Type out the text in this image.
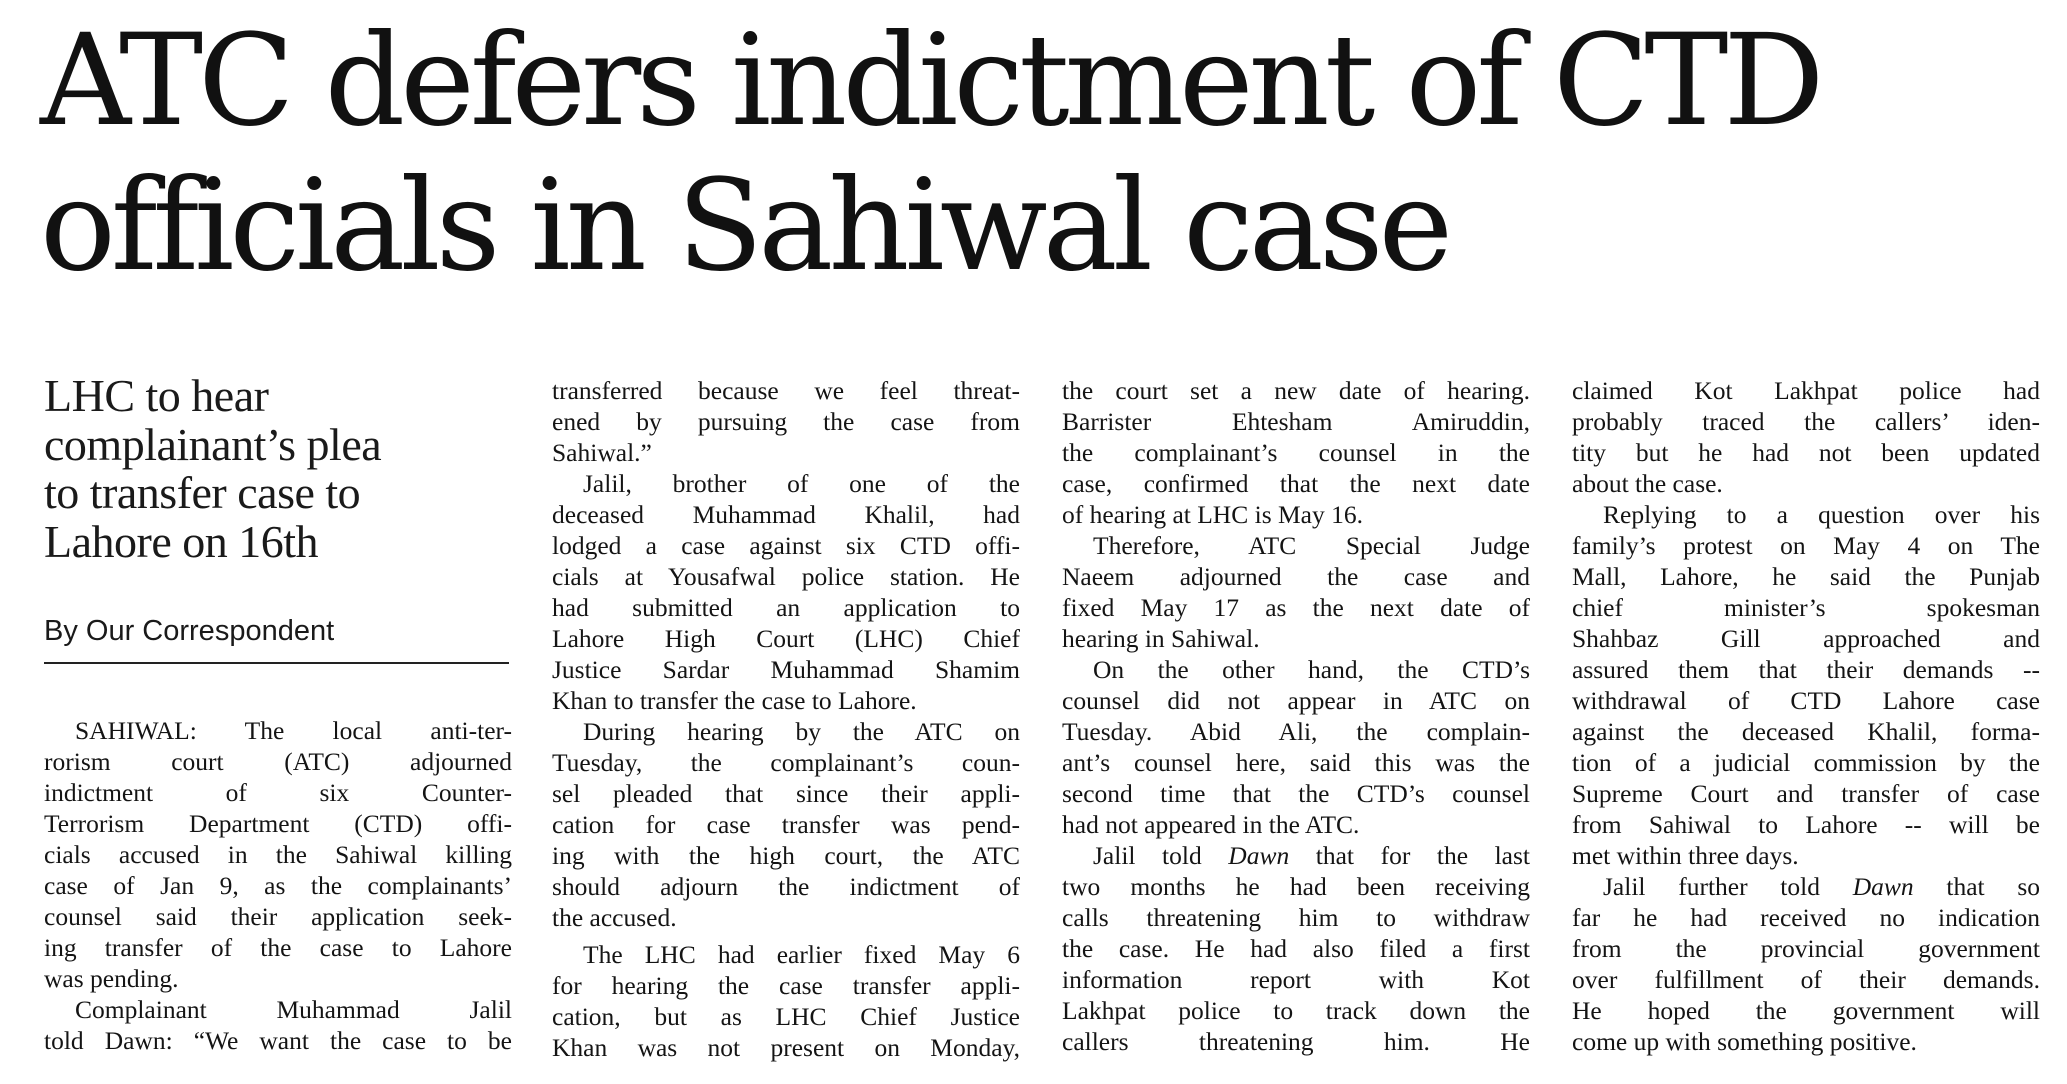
ATC defers indictment of CTD
officials in Sahiwal case
LHC to hear
complainant’s plea
to transfer case to
Lahore on 16th
By Our Correspondent
SAHIWAL: The local anti-ter-
rorism court (ATC) adjourned
indictment of six Counter-
Terrorism Department (CTD) offi-
cials accused in the Sahiwal killing
case of Jan 9, as the complainants’
counsel said their application seek-
ing transfer of the case to Lahore
was pending.
Complainant Muhammad Jalil
told Dawn: “We want the case to be
transferred because we feel threat-
ened by pursuing the case from
Sahiwal.”
Jalil, brother of one of the
deceased Muhammad Khalil, had
lodged a case against six CTD offi-
cials at Yousafwal police station. He
had submitted an application to
Lahore High Court (LHC) Chief
Justice Sardar Muhammad Shamim
Khan to transfer the case to Lahore.
During hearing by the ATC on
Tuesday, the complainant’s coun-
sel pleaded that since their appli-
cation for case transfer was pend-
ing with the high court, the ATC
should adjourn the indictment of
the accused.
The LHC had earlier fixed May 6
for hearing the case transfer appli-
cation, but as LHC Chief Justice
Khan was not present on Monday,
the court set a new date of hearing.
Barrister Ehtesham Amiruddin,
the complainant’s counsel in the
case, confirmed that the next date
of hearing at LHC is May 16.
Therefore, ATC Special Judge
Naeem adjourned the case and
fixed May 17 as the next date of
hearing in Sahiwal.
On the other hand, the CTD’s
counsel did not appear in ATC on
Tuesday. Abid Ali, the complain-
ant’s counsel here, said this was the
second time that the CTD’s counsel
had not appeared in the ATC.
Jalil told Dawn that for the last
two months he had been receiving
calls threatening him to withdraw
the case. He had also filed a first
information report with Kot
Lakhpat police to track down the
callers threatening him. He
claimed Kot Lakhpat police had
probably traced the callers’ iden-
tity but he had not been updated
about the case.
Replying to a question over his
family’s protest on May 4 on The
Mall, Lahore, he said the Punjab
chief minister’s spokesman
Shahbaz Gill approached and
assured them that their demands --
withdrawal of CTD Lahore case
against the deceased Khalil, forma-
tion of a judicial commission by the
Supreme Court and transfer of case
from Sahiwal to Lahore -- will be
met within three days.
Jalil further told Dawn that so
far he had received no indication
from the provincial government
over fulfillment of their demands.
He hoped the government will
come up with something positive.
